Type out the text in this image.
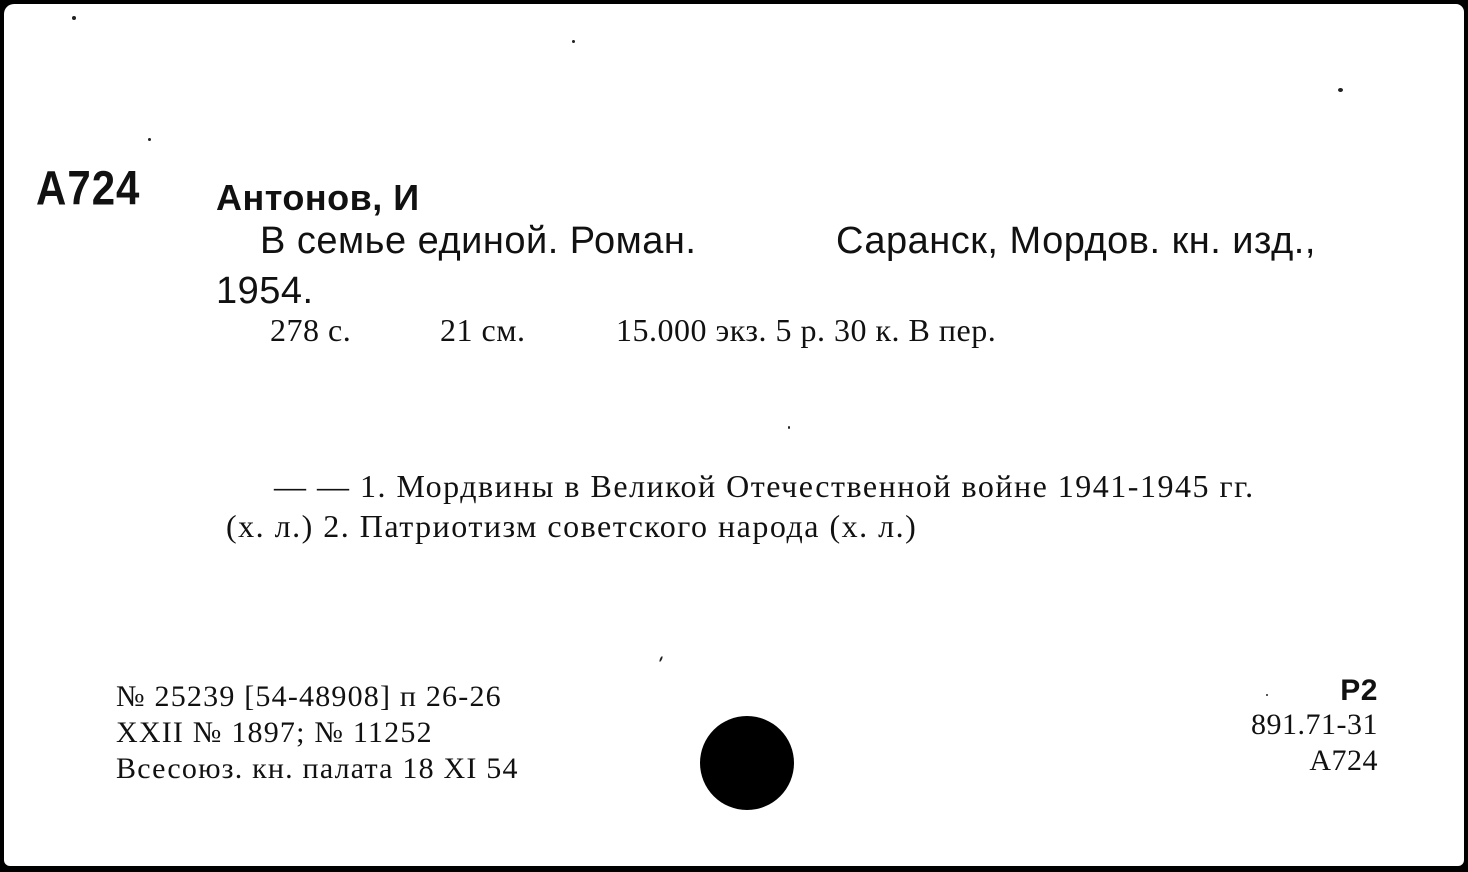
A724 Антонов, И
В семье единой. Роман.	Саранск, Мордов. кн. изд.,
1954.
278 с.	21 см.	15.000 экз. 5 р. 30 к. В пер.
— — 1. Мордвины в Великой Отечественной войне 1941-1945 гг.
(х. л.) 2. Патриотизм советского народа (х. л.)
№ 25239 [54-48908] п 26-26
XXII № 1897; № 11252
Всесоюз. кн. палата 18 XI 54
Р2
891.71-31
А724
